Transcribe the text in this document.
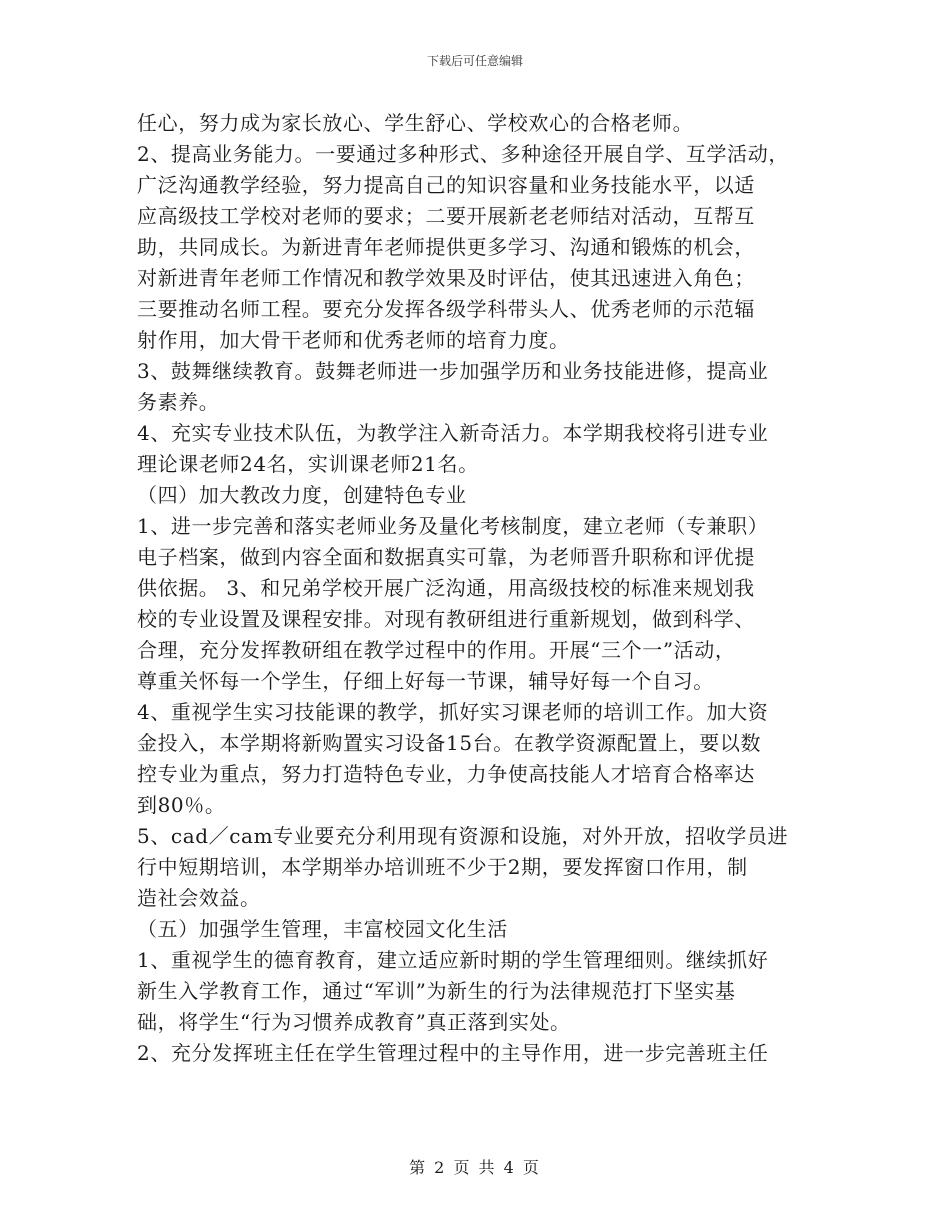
下载后可任意编辑
任心，努力成为家长放心、学生舒心、学校欢心的合格老师。
2、提高业务能力。一要通过多种形式、多种途径开展自学、互学活动，
广泛沟通教学经验，努力提高自己的知识容量和业务技能水平，以适
应高级技工学校对老师的要求；二要开展新老老师结对活动，互帮互
助，共同成长。为新进青年老师提供更多学习、沟通和锻炼的机会，
对新进青年老师工作情况和教学效果及时评估，使其迅速进入角色；
三要推动名师工程。要充分发挥各级学科带头人、优秀老师的示范辐
射作用，加大骨干老师和优秀老师的培育力度。
3、鼓舞继续教育。鼓舞老师进一步加强学历和业务技能进修，提高业
务素养。
4、充实专业技术队伍，为教学注入新奇活力。本学期我校将引进专业
理论课老师24名，实训课老师21名。
（四）加大教改力度，创建特色专业
1、进一步完善和落实老师业务及量化考核制度，建立老师（专兼职）
电子档案，做到内容全面和数据真实可靠，为老师晋升职称和评优提
供依据。 3、和兄弟学校开展广泛沟通，用高级技校的标准来规划我
校的专业设置及课程安排。对现有教研组进行重新规划，做到科学、
合理，充分发挥教研组在教学过程中的作用。开展“三个一”活动，
尊重关怀每一个学生，仔细上好每一节课，辅导好每一个自习。
4、重视学生实习技能课的教学，抓好实习课老师的培训工作。加大资
金投入，本学期将新购置实习设备15台。在教学资源配置上，要以数
控专业为重点，努力打造特色专业，力争使高技能人才培育合格率达
到80％。
5、cad／cam专业要充分利用现有资源和设施，对外开放，招收学员进
行中短期培训，本学期举办培训班不少于2期，要发挥窗口作用，制
造社会效益。
（五）加强学生管理，丰富校园文化生活
1、重视学生的德育教育，建立适应新时期的学生管理细则。继续抓好
新生入学教育工作，通过“军训”为新生的行为法律规范打下坚实基
础，将学生“行为习惯养成教育”真正落到实处。
2、充分发挥班主任在学生管理过程中的主导作用，进一步完善班主任
第 2 页 共 4 页
